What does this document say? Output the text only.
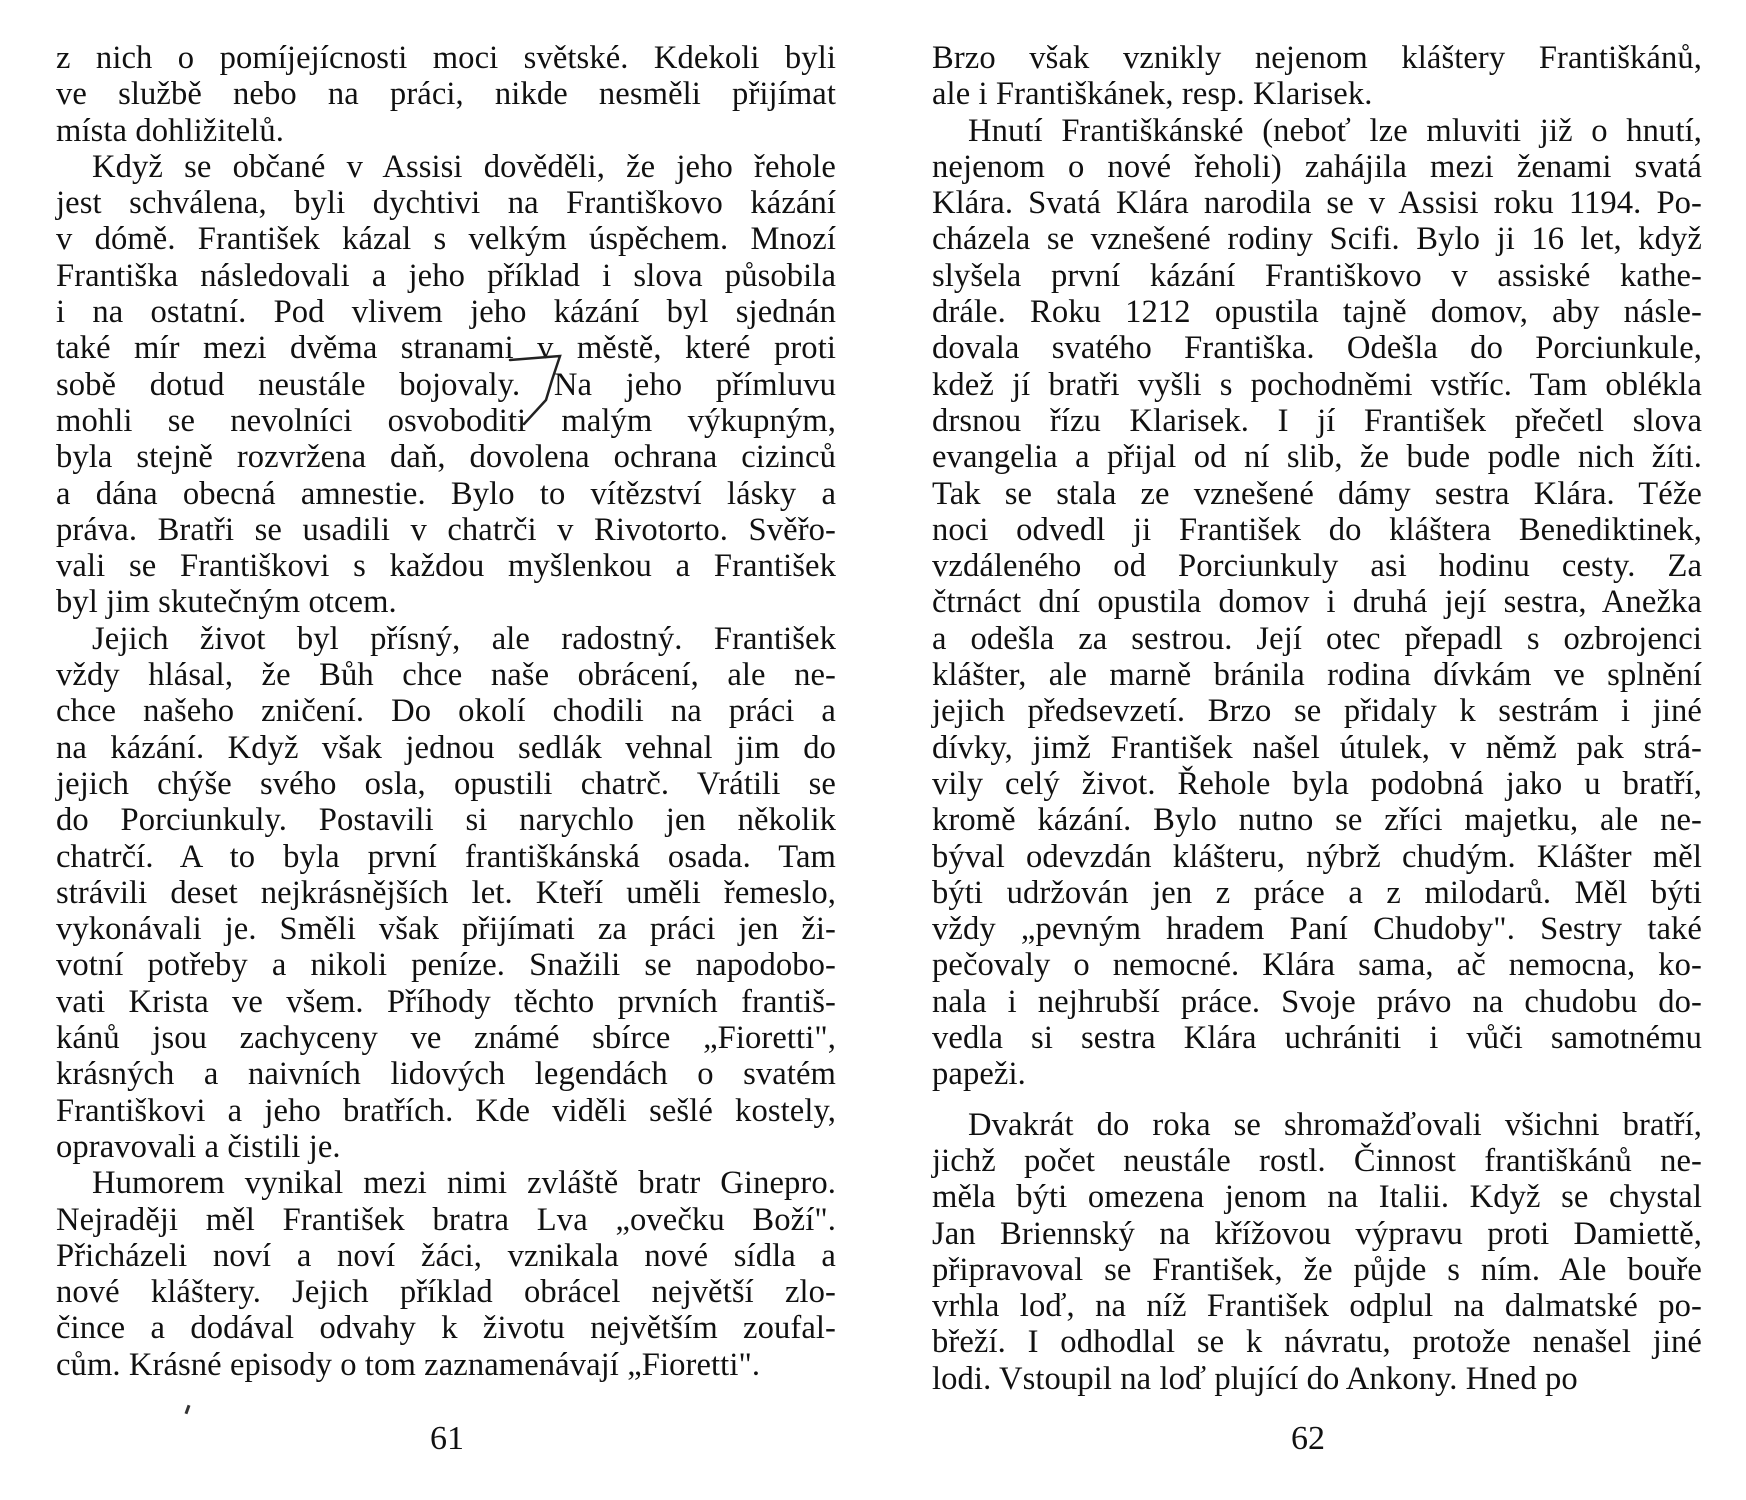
z nich o pomíjejícnosti moci světské. Kdekoli byli
ve službě nebo na práci, nikde nesměli přijímat
místa dohližitelů.
Když se občané v Assisi dověděli, že jeho řehole
jest schválena, byli dychtivi na Františkovo kázání
v dómě. František kázal s velkým úspěchem. Mnozí
Františka následovali a jeho příklad i slova působila
i na ostatní. Pod vlivem jeho kázání byl sjednán
také mír mezi dvěma stranami v městě, které proti
sobě dotud neustále bojovaly. Na jeho přímluvu
mohli se nevolníci osvoboditi malým výkupným,
byla stejně rozvržena daň, dovolena ochrana cizinců
a dána obecná amnestie. Bylo to vítězství lásky a
práva. Bratři se usadili v chatrči v Rivotorto. Svěřo-
vali se Františkovi s každou myšlenkou a František
byl jim skutečným otcem.
Jejich život byl přísný, ale radostný. František
vždy hlásal, že Bůh chce naše obrácení, ale ne-
chce našeho zničení. Do okolí chodili na práci a
na kázání. Když však jednou sedlák vehnal jim do
jejich chýše svého osla, opustili chatrč. Vrátili se
do Porciunkuly. Postavili si narychlo jen několik
chatrčí. A to byla první františkánská osada. Tam
strávili deset nejkrásnějších let. Kteří uměli řemeslo,
vykonávali je. Směli však přijímati za práci jen ži-
votní potřeby a nikoli peníze. Snažili se napodobo-
vati Krista ve všem. Příhody těchto prvních františ-
kánů jsou zachyceny ve známé sbírce „Fioretti",
krásných a naivních lidových legendách o svatém
Františkovi a jeho bratřích. Kde viděli sešlé kostely,
opravovali a čistili je.
Humorem vynikal mezi nimi zvláště bratr Ginepro.
Nejraději měl František bratra Lva „ovečku Boží".
Přicházeli noví a noví žáci, vznikala nové sídla a
nové kláštery. Jejich příklad obrácel největší zlo-
čince a dodával odvahy k životu největším zoufal-
cům. Krásné episody o tom zaznamenávají „Fioretti".
Brzo však vznikly nejenom kláštery Františkánů,
ale i Františkánek, resp. Klarisek.
Hnutí Františkánské (neboť lze mluviti již o hnutí,
nejenom o nové řeholi) zahájila mezi ženami svatá
Klára. Svatá Klára narodila se v Assisi roku 1194. Po-
cházela se vznešené rodiny Scifi. Bylo ji 16 let, když
slyšela první kázání Františkovo v assiské kathe-
drále. Roku 1212 opustila tajně domov, aby násle-
dovala svatého Františka. Odešla do Porciunkule,
kdež jí bratři vyšli s pochodněmi vstříc. Tam oblékla
drsnou řízu Klarisek. I jí František přečetl slova
evangelia a přijal od ní slib, že bude podle nich žíti.
Tak se stala ze vznešené dámy sestra Klára. Téže
noci odvedl ji František do kláštera Benediktinek,
vzdáleného od Porciunkuly asi hodinu cesty. Za
čtrnáct dní opustila domov i druhá její sestra, Anežka
a odešla za sestrou. Její otec přepadl s ozbrojenci
klášter, ale marně bránila rodina dívkám ve splnění
jejich předsevzetí. Brzo se přidaly k sestrám i jiné
dívky, jimž František našel útulek, v němž pak strá-
vily celý život. Řehole byla podobná jako u bratří,
kromě kázání. Bylo nutno se zříci majetku, ale ne-
býval odevzdán klášteru, nýbrž chudým. Klášter měl
býti udržován jen z práce a z milodarů. Měl býti
vždy „pevným hradem Paní Chudoby". Sestry také
pečovaly o nemocné. Klára sama, ač nemocna, ko-
nala i nejhrubší práce. Svoje právo na chudobu do-
vedla si sestra Klára uchrániti i vůči samotnému
papeži.
Dvakrát do roka se shromažďovali všichni bratří,
jichž počet neustále rostl. Činnost františkánů ne-
měla býti omezena jenom na Italii. Když se chystal
Jan Briennský na křížovou výpravu proti Damiettě,
připravoval se František, že půjde s ním. Ale bouře
vrhla loď, na níž František odplul na dalmatské po-
břeží. I odhodlal se k návratu, protože nenašel jiné
lodi. Vstoupil na loď plující do Ankony. Hned po
61	62
